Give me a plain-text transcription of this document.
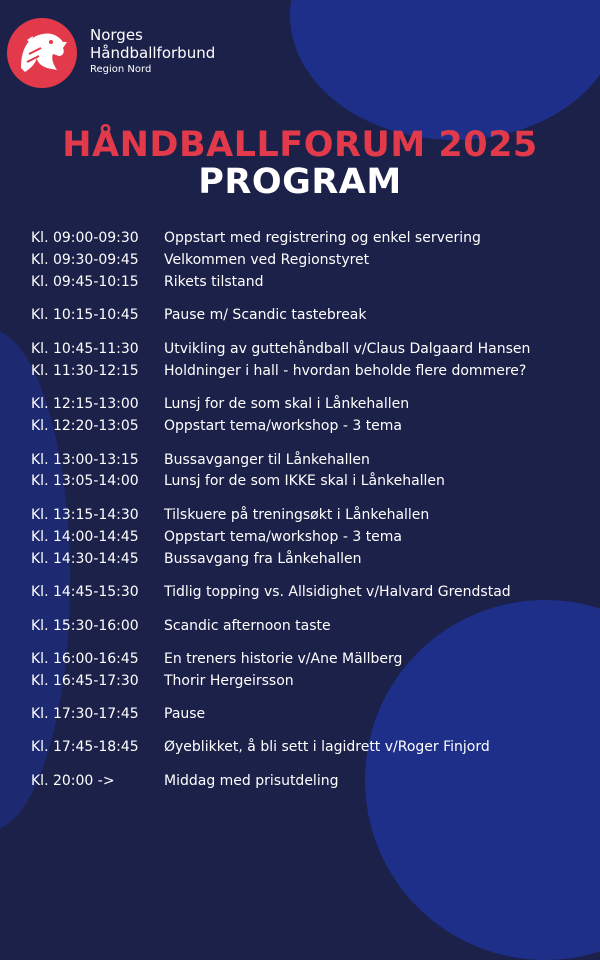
Norges
Håndballforbund
Region Nord
HÅNDBALLFORUM 2025
PROGRAM
Kl. 09:00-09:30 Oppstart med registrering og enkel servering
Kl. 09:30-09:45 Velkommen ved Regionstyret
Kl. 09:45-10:15 Rikets tilstand
Kl. 10:15-10:45 Pause m/ Scandic tastebreak
Kl. 10:45-11:30 Utvikling av guttehåndball v/Claus Dalgaard Hansen
Kl. 11:30-12:15 Holdninger i hall - hvordan beholde flere dommere?
Kl. 12:15-13:00 Lunsj for de som skal i Lånkehallen
Kl. 12:20-13:05 Oppstart tema/workshop - 3 tema
Kl. 13:00-13:15 Bussavganger til Lånkehallen
Kl. 13:05-14:00 Lunsj for de som IKKE skal i Lånkehallen
Kl. 13:15-14:30 Tilskuere på treningsøkt i Lånkehallen
Kl. 14:00-14:45 Oppstart tema/workshop - 3 tema
Kl. 14:30-14:45 Bussavgang fra Lånkehallen
Kl. 14:45-15:30 Tidlig topping vs. Allsidighet v/Halvard Grendstad
Kl. 15:30-16:00 Scandic afternoon taste
Kl. 16:00-16:45 En treners historie v/Ane Mällberg
Kl. 16:45-17:30 Thorir Hergeirsson
Kl. 17:30-17:45 Pause
Kl. 17:45-18:45 Øyeblikket, å bli sett i lagidrett v/Roger Finjord
Kl. 20:00 ->	Middag med prisutdeling
